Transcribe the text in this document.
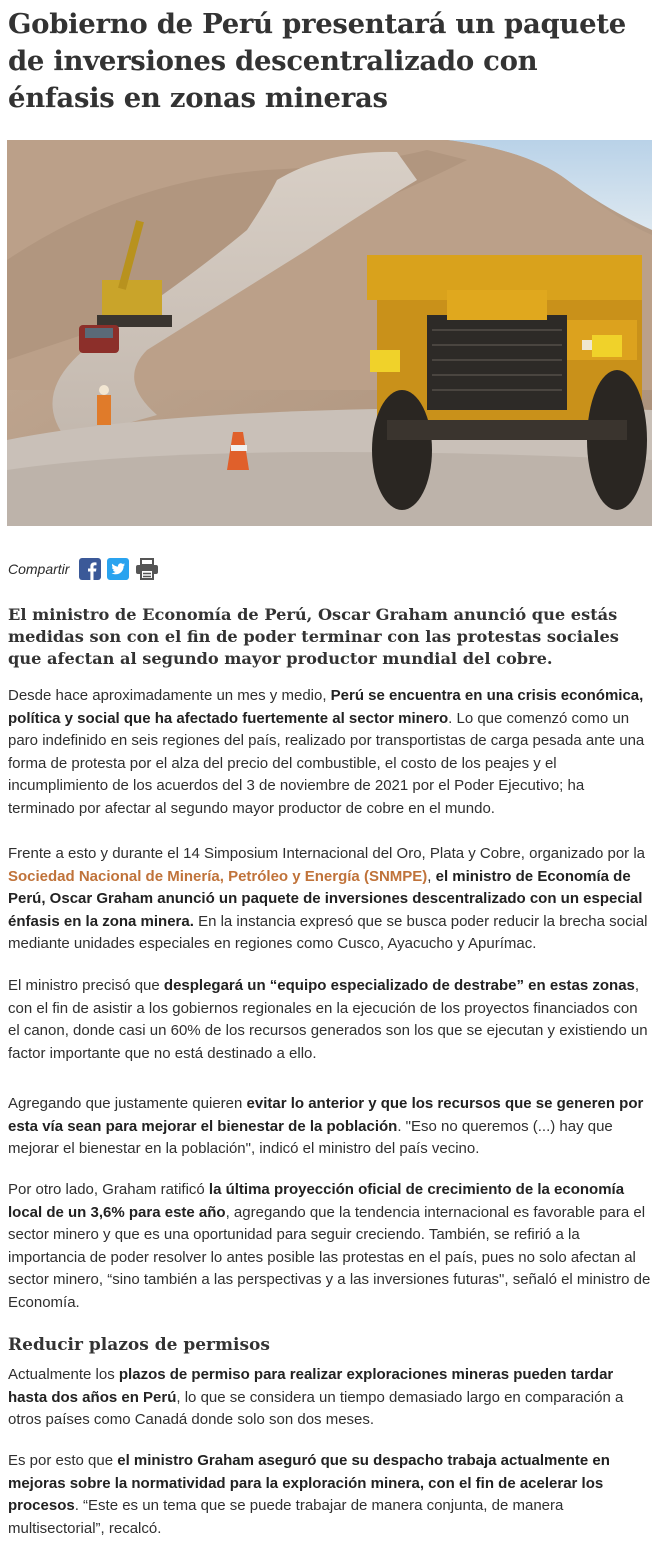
Gobierno de Perú presentará un paquete de inversiones descentralizado con énfasis en zonas mineras
Compartir

El ministro de Economía de Perú, Oscar Graham anunció que estás medidas son con el fin de poder terminar con las protestas sociales que afectan al segundo mayor productor mundial del cobre.

Desde hace aproximadamente un mes y medio, Perú se encuentra en una crisis económica, política y social que ha afectado fuertemente al sector minero. Lo que comenzó como un paro indefinido en seis regiones del país, realizado por transportistas de carga pesada ante una forma de protesta por el alza del precio del combustible, el costo de los peajes y el incumplimiento de los acuerdos del 3 de noviembre de 2021 por el Poder Ejecutivo; ha terminado por afectar al segundo mayor productor de cobre en el mundo.

Frente a esto y durante el 14 Simposium Internacional del Oro, Plata y Cobre, organizado por la Sociedad Nacional de Minería, Petróleo y Energía (SNMPE), el ministro de Economía de Perú, Oscar Graham anunció un paquete de inversiones descentralizado con un especial énfasis en la zona minera. En la instancia expresó que se busca poder reducir la brecha social mediante unidades especiales en regiones como Cusco, Ayacucho y Apurímac.

El ministro precisó que desplegará un “equipo especializado de destrabe” en estas zonas, con el fin de asistir a los gobiernos regionales en la ejecución de los proyectos financiados con el canon, donde casi un 60% de los recursos generados son los que se ejecutan y existiendo un factor importante que no está destinado a ello.

Agregando que justamente quieren evitar lo anterior y que los recursos que se generen por esta vía sean para mejorar el bienestar de la población. "Eso no queremos (...) hay que mejorar el bienestar en la población", indicó el ministro del país vecino.

Por otro lado, Graham ratificó la última proyección oficial de crecimiento de la economía local de un 3,6% para este año, agregando que la tendencia internacional es favorable para el sector minero y que es una oportunidad para seguir creciendo. También, se refirió a la importancia de poder resolver lo antes posible las protestas en el país, pues no solo afectan al sector minero, “sino también a las perspectivas y a las inversiones futuras", señaló el ministro de Economía.

Reducir plazos de permisos

Actualmente los plazos de permiso para realizar exploraciones mineras pueden tardar hasta dos años en Perú, lo que se considera un tiempo demasiado largo en comparación a otros países como Canadá donde solo son dos meses.

Es por esto que el ministro Graham aseguró que su despacho trabaja actualmente en mejoras sobre la normatividad para la exploración minera, con el fin de acelerar los procesos. “Este es un tema que se puede trabajar de manera conjunta, de manera multisectorial”, recalcó.
